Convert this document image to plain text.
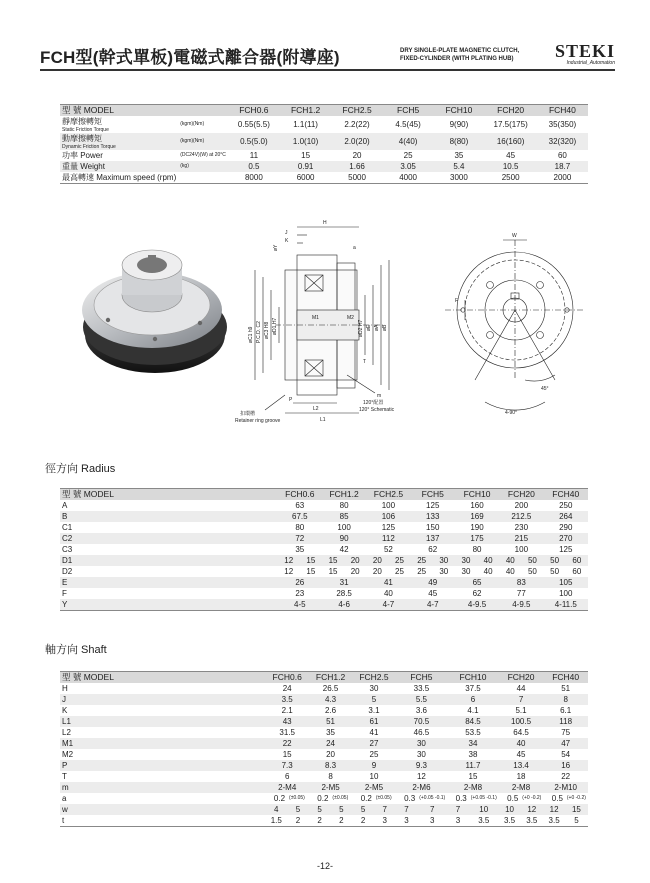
FCH型(幹式單板)電磁式離合器(附導座)	DRY SINGLE-PLATE MAGNETIC CLUTCH,
FIXED-CYLINDER (WITH PLATING HUB)	STEKI
Industrial_Automation
型 號 MODEL		FCH0.6	FCH1.2	FCH2.5	FCH5	FCH10	FCH20	FCH40
靜摩擦轉矩
Static Friction Torque	(kgm)(Nm)	0.55(5.5)	1.1(11)	2.2(22)	4.5(45)	9(90)	17.5(175)	35(350)
動摩擦轉矩
Dynamic Friction Torque	(kgm)(Nm)	0.5(5.0)	1.0(10)	2.0(20)	4(40)	8(80)	16(160)	32(320)
功率 Power	(DC24V)(W) at 20°C	11	15	20	25	35	45	60
重量 Weight	(kg)	0.5	0.91	1.66	3.05	5.4	10.5	18.7
最高轉速 Maximum speed (rpm)		8000	6000	5000	4000	3000	2500	2000
H
J
K
øY	a
øC1 h9 P.C.D. C2 øC3 H8 øD1 H7	M1	M2
øD2 H7 øE øA øB
T
m
120°配置
120° Schematic
P
L2
L1
扣環槽
Retainer ring groove
W
F
45°
4-90°
徑方向 Radius
型 號 MODEL	FCH0.6		FCH1.2		FCH2.5		FCH5		FCH10		FCH20		FCH40	
A	63		80		100		125		160		200		250	
B	67.5		85		106		133		169		212.5		264	
C1	80		100		125		150		190		230		290	
C2	72		90		112		137		175		215		270	
C3	35		42		52		62		80		100		125	
D1	12	15	15	20	20	25	25	30	30	40	40	50	50	60
D2	12	15	15	20	20	25	25	30	30	40	40	50	50	60
E	26		31		41		49		65		83		105	
F	23		28.5		40		45		62		77		100	
Y	4-5		4-6		4-7		4-7		4-9.5		4-9.5		4-11.5	
軸方向 Shaft
型 號 MODEL	FCH0.6		FCH1.2		FCH2.5		FCH5		FCH10		FCH20		FCH40	
H	24		26.5		30		33.5		37.5		44		51	
J	3.5		4.3		5		5.5		6		7		8	
K	2.1		2.6		3.1		3.6		4.1		5.1		6.1	
L1	43		51		61		70.5		84.5		100.5		118	
L2	31.5		35		41		46.5		53.5		64.5		75	
M1	22		24		27		30		34		40		47	
M2	15		20		25		30		38		45		54	
P	7.3		8.3		9		9.3		11.7		13.4		16	
T	6		8		10		12		15		18		22	
m	2-M4		2-M5		2-M5		2-M6		2-M8		2-M8		2-M10	
a	0.2	(±0.05)	0.2	(±0.05)	0.2	(±0.05)	0.3	(+0.05 -0.1)	0.3	(+0.05 -0.1)	0.5	(+0 -0.2)	0.5	(+0 -0.2)
w	4	5	5	5	5	7	7	7	7	10	10	12	12	15
t	1.5	2	2	2	2	3	3	3	3	3.5	3.5	3.5	3.5	5
-12-
